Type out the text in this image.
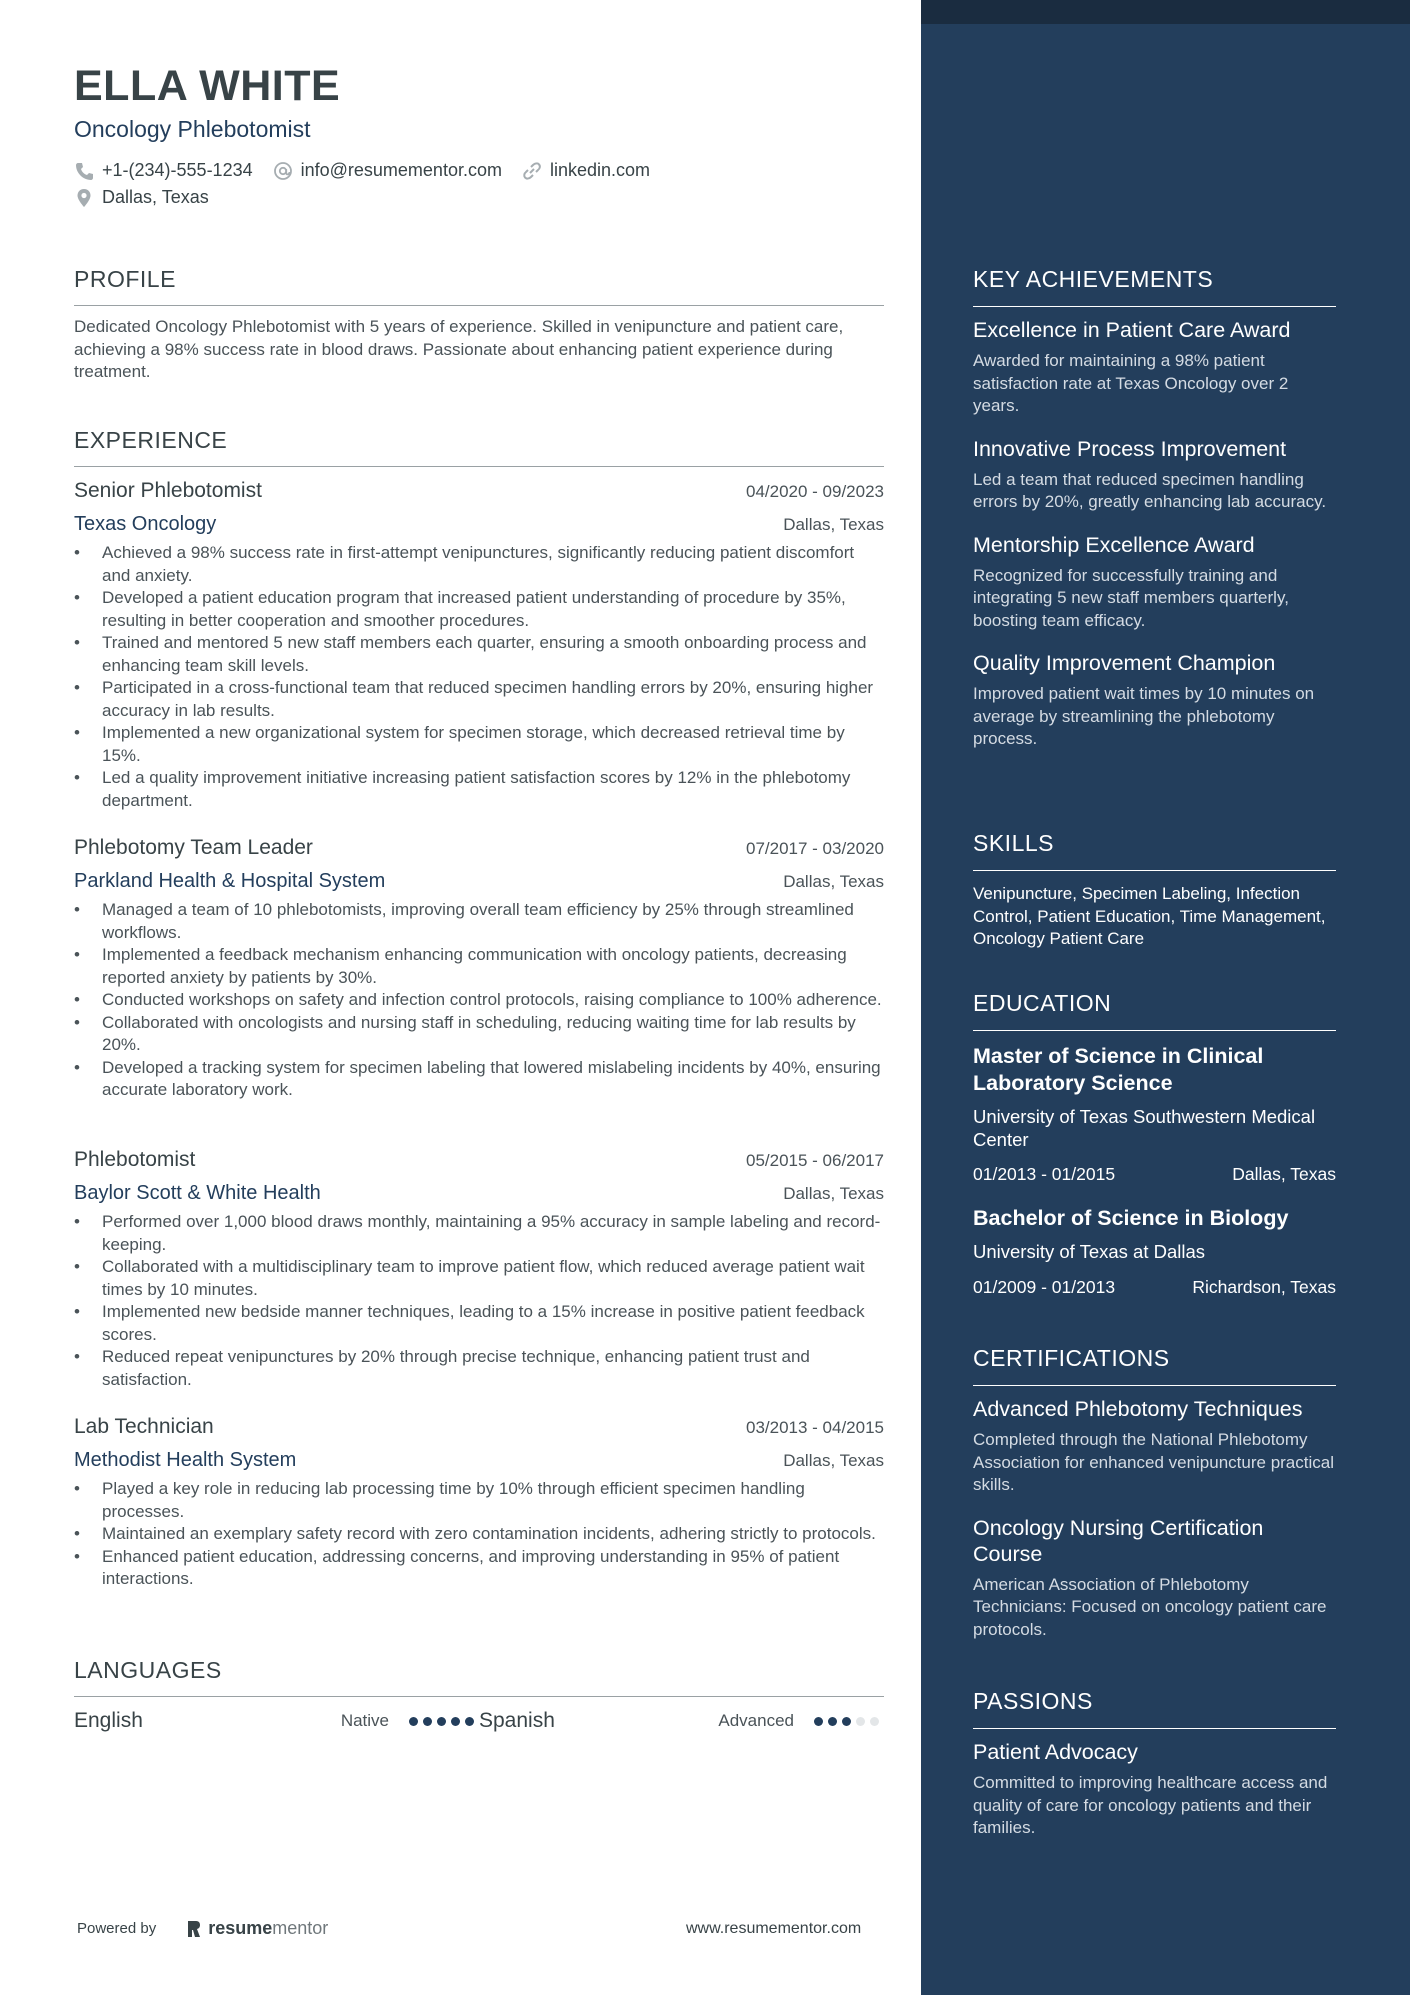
ELLA WHITE
Oncology Phlebotomist
+1-(234)-555-1234	info@resumementor.com	linkedin.com
Dallas, Texas
PROFILE
Dedicated Oncology Phlebotomist with 5 years of experience. Skilled in venipuncture and patient care, achieving a 98% success rate in blood draws. Passionate about enhancing patient experience during treatment.
EXPERIENCE
Senior Phlebotomist	04/2020 - 09/2023
Texas Oncology	Dallas, Texas
• Achieved a 98% success rate in first-attempt venipunctures, significantly reducing patient discomfort and anxiety.
• Developed a patient education program that increased patient understanding of procedure by 35%, resulting in better cooperation and smoother procedures.
• Trained and mentored 5 new staff members each quarter, ensuring a smooth onboarding process and enhancing team skill levels.
• Participated in a cross-functional team that reduced specimen handling errors by 20%, ensuring higher accuracy in lab results.
• Implemented a new organizational system for specimen storage, which decreased retrieval time by 15%.
• Led a quality improvement initiative increasing patient satisfaction scores by 12% in the phlebotomy department.
Phlebotomy Team Leader	07/2017 - 03/2020
Parkland Health & Hospital System	Dallas, Texas
• Managed a team of 10 phlebotomists, improving overall team efficiency by 25% through streamlined workflows.
• Implemented a feedback mechanism enhancing communication with oncology patients, decreasing reported anxiety by patients by 30%.
• Conducted workshops on safety and infection control protocols, raising compliance to 100% adherence.
• Collaborated with oncologists and nursing staff in scheduling, reducing waiting time for lab results by 20%.
• Developed a tracking system for specimen labeling that lowered mislabeling incidents by 40%, ensuring accurate laboratory work.
Phlebotomist	05/2015 - 06/2017
Baylor Scott & White Health	Dallas, Texas
• Performed over 1,000 blood draws monthly, maintaining a 95% accuracy in sample labeling and record-keeping.
• Collaborated with a multidisciplinary team to improve patient flow, which reduced average patient wait times by 10 minutes.
• Implemented new bedside manner techniques, leading to a 15% increase in positive patient feedback scores.
• Reduced repeat venipunctures by 20% through precise technique, enhancing patient trust and satisfaction.
Lab Technician	03/2013 - 04/2015
Methodist Health System	Dallas, Texas
• Played a key role in reducing lab processing time by 10% through efficient specimen handling processes.
• Maintained an exemplary safety record with zero contamination incidents, adhering strictly to protocols.
• Enhanced patient education, addressing concerns, and improving understanding in 95% of patient interactions.
LANGUAGES
English	Native	Spanish	Advanced
Powered by	resume mentor	www.resumementor.com
KEY ACHIEVEMENTS
Excellence in Patient Care Award
Awarded for maintaining a 98% patient satisfaction rate at Texas Oncology over 2 years.
Innovative Process Improvement
Led a team that reduced specimen handling errors by 20%, greatly enhancing lab accuracy.
Mentorship Excellence Award
Recognized for successfully training and integrating 5 new staff members quarterly, boosting team efficacy.
Quality Improvement Champion
Improved patient wait times by 10 minutes on average by streamlining the phlebotomy process.
SKILLS
Venipuncture, Specimen Labeling, Infection Control, Patient Education, Time Management, Oncology Patient Care
EDUCATION
Master of Science in Clinical Laboratory Science
University of Texas Southwestern Medical Center
01/2013 - 01/2015	Dallas, Texas
Bachelor of Science in Biology
University of Texas at Dallas
01/2009 - 01/2013	Richardson, Texas
CERTIFICATIONS
Advanced Phlebotomy Techniques
Completed through the National Phlebotomy Association for enhanced venipuncture practical skills.
Oncology Nursing Certification Course
American Association of Phlebotomy Technicians: Focused on oncology patient care protocols.
PASSIONS
Patient Advocacy
Committed to improving healthcare access and quality of care for oncology patients and their families.
